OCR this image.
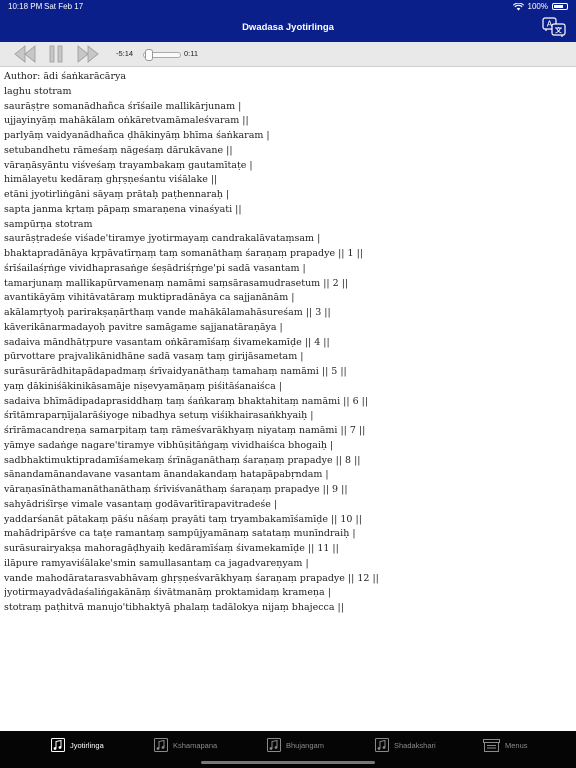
10:18 PM Sat Feb 17	100%
Dwadasa Jyotirlinga	A
-5:14	0:11
Author: ādi śaṅkarācārya
laghu stotram
saurāṣṭre somanādhañca śrīśaile mallikārjunam |
ujjayinyāṃ mahākālam oṅkāretvamāmaleśvaram ||
parlyāṃ vaidyanādhañca ḍhākinyāṃ bhīma śaṅkaram |
setubandhetu rāmeśaṃ nāgeśaṃ dārukāvane ||
vāraṇāsyāntu viśveśaṃ trayambakaṃ gautamītaṭe |
himālayetu kedāraṃ ghṛṣṇeśantu viśālake ||
etāni jyotirliṅgāni sāyaṃ prātaḥ paṭhennaraḥ |
sapta janma kṛtaṃ pāpaṃ smaraṇena vinaśyati ||
sampūrṇa stotram
saurāṣṭradeśe viśade'tiramye jyotirmayaṃ candrakalāvataṃsam |
bhaktapradānāya kṛpāvatīrṇaṃ taṃ somanāthaṃ śaraṇaṃ prapadye || 1 ||
śrīśailaśṛṅge vividhaprasaṅge śeṣādriśṛṅge'pi sadā vasantam |
tamarjunaṃ mallikapūrvamenaṃ namāmi saṃsārasamudrasetum || 2 ||
avantikāyāṃ vihitāvatāraṃ muktipradānāya ca sajjanānām |
akālamṛtyoḥ parirakṣaṇārthaṃ vande mahākālamahāsureśam || 3 ||
kāverikānarmadayoḥ pavitre samāgame sajjanatāraṇāya |
sadaiva māndhātṛpure vasantam oṅkāramīśaṃ śivamekamīḍe || 4 ||
pūrvottare prajvalikānidhāne sadā vasaṃ taṃ girijāsametam |
surāsurārādhitapādapadmaṃ śrīvaidyanāthaṃ tamahaṃ namāmi || 5 ||
yaṃ ḍākiniśākinikāsamāje niṣevyamāṇaṃ piśitāśanaiśca |
sadaiva bhīmādipadaprasiddhaṃ taṃ śaṅkaraṃ bhaktahitaṃ namāmi || 6 ||
śrītāmraparṇījalarāśiyoge nibadhya setuṃ viśikhairasaṅkhyaiḥ |
śrīrāmacandreṇa samarpitaṃ taṃ rāmeśvarākhyaṃ niyataṃ namāmi || 7 ||
yāmye sadaṅge nagare'tiramye vibhūṣitāṅgaṃ vividhaiśca bhogaiḥ |
sadbhaktimuktipradamīśamekaṃ śrīnāganāthaṃ śaraṇaṃ prapadye || 8 ||
sānandamānandavane vasantam ānandakandaṃ hatapāpabṛndam |
vāraṇasīnāthamanāthanāthaṃ śrīviśvanāthaṃ śaraṇaṃ prapadye || 9 ||
sahyādriśīrṣe vimale vasantaṃ godāvarītīrapavitradeśe |
yaddarśanāt pātakaṃ pāśu nāśaṃ prayāti taṃ tryambakamīśamīḍe || 10 ||
mahādripārśve ca taṭe ramantaṃ sampūjyamānaṃ satataṃ munīndraiḥ |
surāsurairyakṣa mahoragāḍhyaiḥ kedāramīśaṃ śivamekamīḍe || 11 ||
ilāpure ramyaviśālake'smin samullasantaṃ ca jagadvareṇyam |
vande mahodāratarasvabhāvaṃ ghṛṣṇeśvarākhyaṃ śaraṇaṃ prapadye || 12 ||
jyotirmayadvādaśaliṅgakānāṃ śivātmanāṃ proktamidaṃ krameṇa |
stotraṃ paṭhitvā manujo'tibhaktyā phalaṃ tadālokya nijaṃ bhajecca ||
Jyotirlinga	Kshamapana	Bhujangam	Shadakshari	Menus
